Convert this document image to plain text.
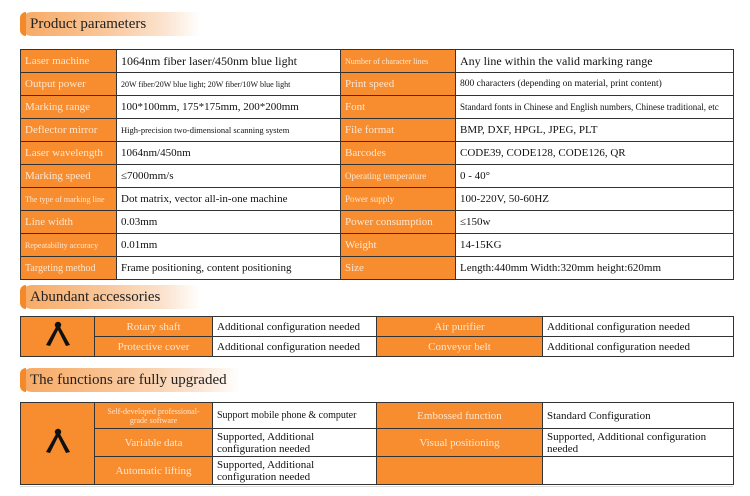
Product parameters
Laser machine	1064nm fiber laser/450nm blue light	Number of character lines	Any line within the valid marking range
Output power	20W fiber/20W blue light; 20W fiber/10W blue light	Print speed	800 characters (depending on material, print content)
Marking range	100*100mm, 175*175mm, 200*200mm	Font	Standard fonts in Chinese and English numbers, Chinese traditional, etc
Deflector mirror	High-precision two-dimensional scanning system	File format	BMP, DXF, HPGL, JPEG, PLT
Laser wavelength	1064nm/450nm	Barcodes	CODE39, CODE128, CODE126, QR
Marking speed	≤7000mm/s	Operating temperature	0 - 40°
The type of marking line	Dot matrix, vector all-in-one machine	Power supply	100-220V, 50-60HZ
Line width	0.03mm	Power consumption	≤150w
Repeatability accuracy	0.01mm	Weight	14-15KG
Targeting method	Frame positioning, content positioning	Size	Length:440mm Width:320mm height:620mm
Abundant accessories
	Rotary shaft	Additional configuration needed	Air purifier	Additional configuration needed
	Protective cover	Additional configuration needed	Conveyor belt	Additional configuration needed
The functions are fully upgraded
	Self-developed professional-grade software	Support mobile phone & computer	Embossed function	Standard Configuration
	Variable data	Supported, Additional configuration needed	Visual positioning	Supported, Additional configuration needed
	Automatic lifting	Supported, Additional configuration needed		
